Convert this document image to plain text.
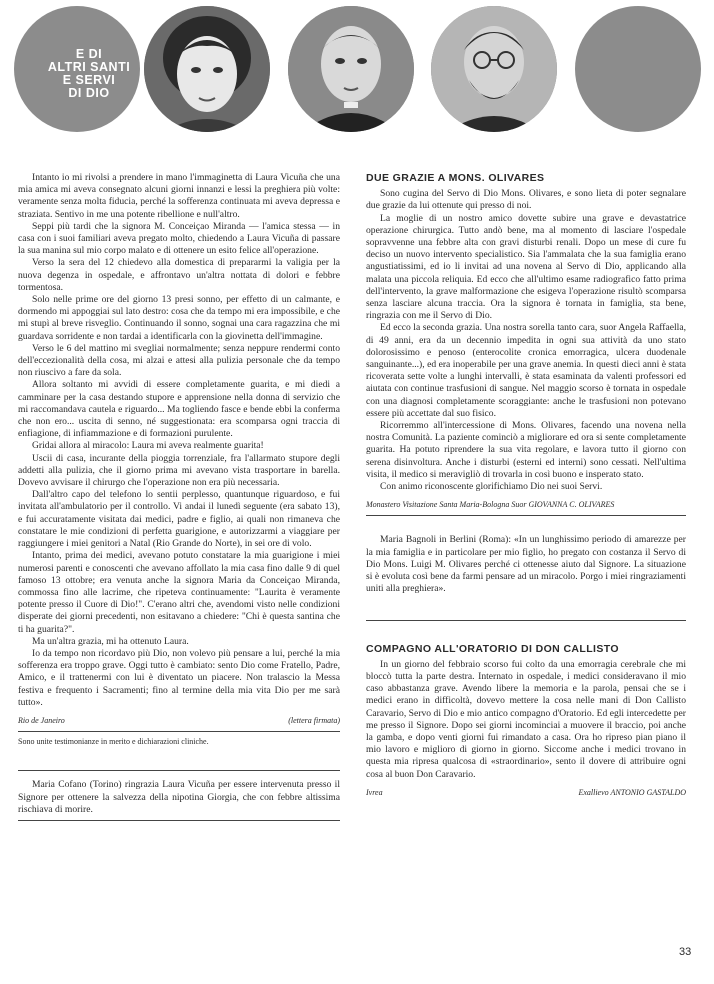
E DI
ALTRI SANTI
E SERVI
DI DIO

Intanto io mi rivolsi a prendere in mano l'immaginetta di Laura Vicuña che una mia amica mi aveva consegnato alcuni giorni innanzi e lessi la preghiera più volte: veramente senza molta fiducia, perché la sofferenza continuata mi aveva depressa e straziata. Sentivo in me una potente ribellione e null'altro.

Seppi più tardi che la signora M. Conceiçao Miranda — l'amica stessa — in casa con i suoi familiari aveva pregato molto, chiedendo a Laura Vicuña di passare la sua manina sul mio corpo malato e di ottenere un esito felice all'operazione.

Verso la sera del 12 chiedevo alla domestica di prepararmi la valigia per la nuova degenza in ospedale, e affrontavo un'altra nottata di dolori e febbre tormentosa.

Solo nelle prime ore del giorno 13 presi sonno, per effetto di un calmante, e dormendo mi appoggiai sul lato destro: cosa che da tempo mi era impossibile, e che mi stupì al breve risveglio. Continuando il sonno, sognai una cara ragazzina che mi guardava sorridente e non tardai a identificarla con la giovinetta dell'immagine.

Verso le 6 del mattino mi svegliai normalmente; senza neppure rendermi conto dell'eccezionalità della cosa, mi alzai e attesi alla pulizia personale che da tempo non riuscivo a fare da sola.

Allora soltanto mi avvidi di essere completamente guarita, e mi diedi a camminare per la casa destando stupore e apprensione nella donna di servizio che mi raccomandava cautela e riguardo... Ma togliendo fasce e bende ebbi la conferma che non ero... uscita di senno, né suggestionata: era scomparsa ogni traccia di enfiagione, di infiammazione e di formazioni purulente.

Gridai allora al miracolo: Laura mi aveva realmente guarita!

Uscii di casa, incurante della pioggia torrenziale, fra l'allarmato stupore degli addetti alla pulizia, che il giorno prima mi avevano vista trasportare in barella. Dovevo avvisare il chirurgo che l'operazione non era più necessaria.

Dall'altro capo del telefono lo sentii perplesso, quantunque riguardoso, e fui invitata all'ambulatorio per il controllo. Vi andai il lunedì seguente (era sabato 13), e fui accuratamente visitata dai medici, padre e figlio, ai quali non rimaneva che constatare le mie condizioni di perfetta guarigione, e autorizzarmi a viaggiare per raggiungere i miei genitori a Natal (Rio Grande do Norte), in sei ore di volo.

Intanto, prima dei medici, avevano potuto constatare la mia guarigione i miei numerosi parenti e conoscenti che avevano affollato la mia casa fino dalle 9 di quel famoso 13 ottobre; era venuta anche la signora Maria da Conceiçao Miranda, commossa fino alle lacrime, che ripeteva continuamente: "Laurita è veramente potente presso il Cuore di Dio!". C'erano altri che, avendomi visto nelle condizioni disperate dei giorni precedenti, non esitavano a chiedere: "Chi è questa santina che ti ha guarita?".

Ma un'altra grazia, mi ha ottenuto Laura.

Io da tempo non ricordavo più Dio, non volevo più pensare a lui, perché la mia sofferenza era troppo grave. Oggi tutto è cambiato: sento Dio come Fratello, Padre, Amico, e il trattenermi con lui è diventato un piacere. Non tralascio la Messa festiva e frequento i Sacramenti; fino al termine della mia vita Dio per me sarà tutto».

Rio de Janeiro	(lettera firmata)
Sono unite testimonianze in merito e dichiarazioni cliniche.

Maria Cofano (Torino) ringrazia Laura Vicuña per essere intervenuta presso il Signore per ottenere la salvezza della nipotina Giorgia, che con febbre altissima rischiava di morire.

DUE GRAZIE A MONS. OLIVARES

Sono cugina del Servo di Dio Mons. Olivares, e sono lieta di poter segnalare due grazie da lui ottenute qui presso di noi.

La moglie di un nostro amico dovette subire una grave e devastatrice operazione chirurgica. Tutto andò bene, ma al momento di lasciare l'ospedale sopravvenne una febbre alta con gravi disturbi renali. Dopo un mese di cure fu deciso un nuovo intervento specialistico. Sia l'ammalata che la sua famiglia erano angustiatissimi, ed io li invitai ad una novena al Servo di Dio, applicando alla malata una piccola reliquia. Ed ecco che all'ultimo esame radiografico fatto prima dell'intervento, la grave malformazione che esigeva l'operazione risultò scomparsa senza lasciare alcuna traccia. Ora la signora è tornata in famiglia, sta bene, ringrazia con me il Servo di Dio.

Ed ecco la seconda grazia. Una nostra sorella tanto cara, suor Angela Raffaella, di 49 anni, era da un decennio impedita in ogni sua attività da uno stato dolorosissimo e penoso (enterocolite cronica emorragica, ulcera duodenale sanguinante...), ed era inoperabile per una grave anemia. In questi dieci anni è stata ricoverata sette volte a lunghi intervalli, è stata esaminata da valenti professori ed aiutata con continue trasfusioni di sangue. Nel maggio scorso è tornata in ospedale con una diagnosi completamente scoraggiante: anche le trasfusioni non potevano essere più accettate dal suo fisico.

Ricorremmo all'intercessione di Mons. Olivares, facendo una novena nella nostra Comunità. La paziente cominciò a migliorare ed ora si sente completamente guarita. Ha potuto riprendere la sua vita regolare, e lavora tutto il giorno con serena disinvoltura. Anche i disturbi (esterni ed interni) sono cessati. Nell'ultima visita, il medico si meravigliò di trovarla in così buono e insperato stato.

Con animo riconoscente glorifichiamo Dio nei suoi Servi.

Monastero Visitazione Santa Maria-Bologna Suor GIOVANNA C. OLIVARES

Maria Bagnoli in Berlini (Roma): «In un lunghissimo periodo di amarezze per la mia famiglia e in particolare per mio figlio, ho pregato con costanza il Servo di Dio Mons. Luigi M. Olivares perché ci ottenesse aiuto dal Signore. La situazione si è evoluta così bene da farmi pensare ad un miracolo. Porgo i miei ringraziamenti uniti alla preghiera».

COMPAGNO ALL'ORATORIO DI DON CALLISTO

In un giorno del febbraio scorso fui colto da una emorragia cerebrale che mi bloccò tutta la parte destra. Internato in ospedale, i medici consideravano il mio caso abbastanza grave. Avendo libere la memoria e la parola, pensai che se i medici erano in difficoltà, dovevo mettere la cosa nelle mani di Don Callisto Caravario, Servo di Dio e mio antico compagno d'Oratorio. Ed egli intercedette per me presso il Signore. Dopo sei giorni incominciai a muovere il braccio, poi anche la gamba, e dopo venti giorni fui rimandato a casa. Ora ho ripreso pian piano il mio lavoro e miglioro di giorno in giorno. Siccome anche i medici trovano in questa mia ripresa qualcosa di «straordinario», sento il dovere di attribuire ogni cosa al buon Don Caravario.

Ivrea	Exallievo ANTONIO GASTALDO
33
